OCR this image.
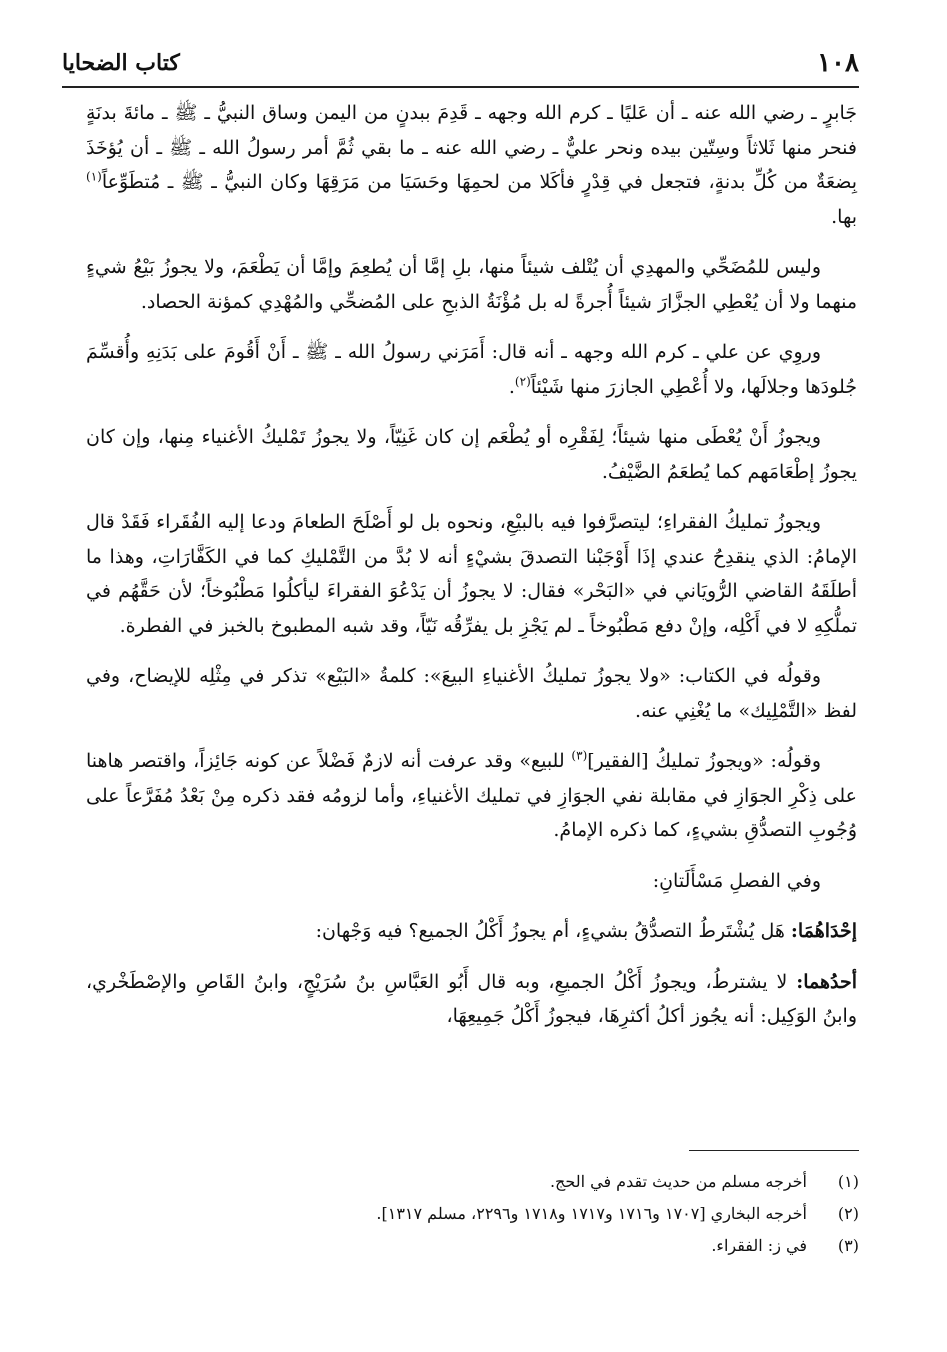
١٠٨
كتاب الضحايا

جَابرٍ ـ رضي الله عنه ـ أن عَليًا ـ كرم الله وجهه ـ قَدِمَ ببدنٍ من اليمن وساق النبيُّ ـ ﷺ ـ مائةَ بدنَةٍ فنحر منها ثَلاثاً وسِتّين بيده ونحر عليٌّ ـ رضي الله عنه ـ ما بقي ثُمَّ أمر رسولُ الله ـ ﷺ ـ أن يُؤخَذَ بِضعَةٌ من كُلِّ بدنةٍ، فتجعل في قِدْرٍ فأكَلا من لحمِهَا وحَسَيَا من مَرَقِهَا وكان النبيُّ ـ ﷺ ـ مُتطَوِّعاً$^{(١)}$ بها.

وليس للمُضَحِّي والمهدِي أن يُتْلف شيئاً منها، بلِ إمَّا أن يُطعِمَ وإمَّا أن يَطْعَمَ، ولا يجوزُ بَيْعُ شيءٍ منهما ولا أن يُعْطِي الجزَّارَ شيئاً أُجرةً له بل مُؤْنَةُ الذبحِ على المُضحِّي والمُهْدِي كمؤنة الحصاد.

وروِي عن علي ـ كرم الله وجهه ـ أنه قال: أَمَرَني رسولُ الله ـ ﷺ ـ أَنْ أَقُومَ على بَدَنِهِ وأُقسِّمَ جُلودَها وجلالَها، ولا أُعْطِي الجازرَ منها شَيْئاً$^{(٢)}$.

ويجوزُ أَنْ يُعْطَى منها شيئاً؛ لِفَقْرِه أو يُطْعَم إن كان غَنِيّاً، ولا يجوزُ تَمْليكُ الأغنياء مِنها، وإن كان يجوزُ إطْعَامَهم كما يُطعَمُ الضَّيْفُ.

ويجوزُ تمليكُ الفقراءِ؛ ليتصرَّفوا فيه بالبيْعِ، ونحوه بل لو أَصْلَحَ الطعامَ ودعا إليه الفُقَراء فَقَدْ قال الإمامُ: الذي ينقدِحُ عندي إذَا أَوْجَبْنا التصدقَ بشيْءٍ أنه لا بُدَّ من التَّمْليكِ كما في الكَفَّارَاتِ، وهذا ما أطلَقَهُ القاضي الرُّويَاني في «البَحْر» فقال: لا يجوزُ أن يَدْعُوَ الفقراءَ ليأكلُوا مَطْبُوخاً؛ لأن حَقَّهُم في تملُّكِهِ لا في أَكْلِه، وإنْ دفع مَطْبُوخاً ـ لم يَجْزِ بل يفرِّقُه نَيّاً، وقد شبه المطبوخ بالخبز في الفطرة.

وقولُه في الكتاب: «ولا يجوزُ تمليكُ الأغنياءِ البيعَ»: كلمةُ «البَيْع» تذكر في مِثْلِه للإيضاح، وفي لفظ «التَّمْلِيك» ما يُغْنِي عنه.

وقولُه: «ويجوزُ تمليكُ [الفقير]$^{(٣)}$ للبيع» وقد عرفت أنه لازمٌ فَضْلاً عن كونه جَائِزاً، واقتصر هاهنا على ذِكْرِ الجوَازِ في مقابلة نفي الجوَازِ في تمليك الأغنياءِ، وأما لزومُه فقد ذكره مِنْ بَعْدُ مُفَرَّعاً على وُجُوبِ التصدُّقِ بشيءٍ، كما ذكره الإمامُ.

وفي الفصلِ مَسْأَلَتانِ:

إحْدَاهُمَا: هَل يُشْتَرطُ التصدُّقُ بشيءٍ، أم يجوزُ أَكْلُ الجميع؟ فيه وَجْهان:

أحدُهما: لا يشترطُ، ويجوزُ أَكْلُ الجميعِ، وبه قال أَبُو العَبَّاسِ بنُ سُرَيْجٍ، وابنُ القَاصِ والإصْطَخْري، وابنُ الوَكِيل: أنه يجُوز أكلُ أكثرِهَا، فيجوزُ أَكْلُ جَمِيعِهَا،

(١)
أخرجه مسلم من حديث تقدم في الحج.
(٢)
أخرجه البخاري [١٧٠٧ و١٧١٦ و١٧١٧ و١٧١٨ و٢٢٩٦، مسلم ١٣١٧].
(٣)
في ز: الفقراء.
